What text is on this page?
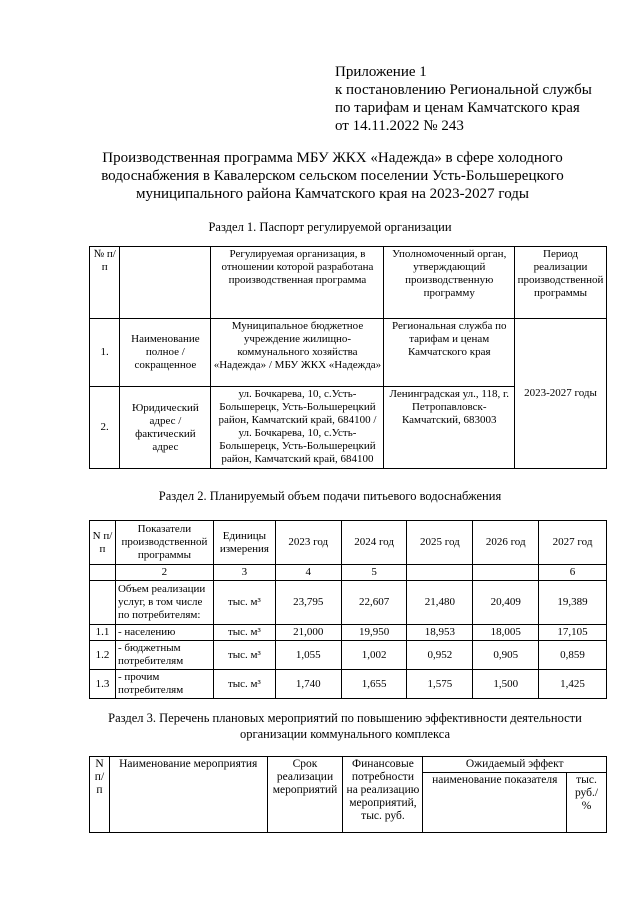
Приложение 1
к постановлению Региональной службы
по тарифам и ценам Камчатского края
от 14.11.2022 № 243
Производственная программа МБУ ЖКХ «Надежда» в сфере холодного водоснабжения в Кавалерском сельском поселении Усть-Большерецкого муниципального района Камчатского края на 2023-2027 годы
Раздел 1. Паспорт регулируемой организации
№ п/п		Регулируемая организация, в отношении которой разработана производственная программа	Уполномоченный орган, утверждающий производственную программу	Период реализации производственной программы
1.	Наименование полное / сокращенное	Муниципальное бюджетное учреждение жилищно-коммунального хозяйства «Надежда» / МБУ ЖКХ «Надежда»	Региональная служба по тарифам и ценам Камчатского края	2023-2027 годы
2.	Юридический адрес / фактический адрес	ул. Бочкарева, 10, с.Усть-Большерецк, Усть-Большерецкий район, Камчатский край, 684100 / ул. Бочкарева, 10, с.Усть-Большерецк, Усть-Большерецкий район, Камчатский край, 684100	Ленинградская ул., 118, г. Петропавловск-Камчатский, 683003	
Раздел 2. Планируемый объем подачи питьевого водоснабжения
N п/п	Показатели производственной программы	Единицы измерения	2023 год	2024 год	2025 год	2026 год	2027 год
	2	3	4	5			6
	Объем реализации услуг, в том числе по потребителям:	тыс. м³	23,795	22,607	21,480	20,409	19,389
1.1	- населению	тыс. м³	21,000	19,950	18,953	18,005	17,105
1.2	- бюджетным потребителям	тыс. м³	1,055	1,002	0,952	0,905	0,859
1.3	- прочим потребителям	тыс. м³	1,740	1,655	1,575	1,500	1,425
Раздел 3. Перечень плановых мероприятий по повышению эффективности деятельности организации коммунального комплекса
N п/ п	Наименование мероприятия	Срок реализации мероприятий	Финансовые потребности на реализацию мероприятий, тыс. руб.	Ожидаемый эффект	
				наименование показателя	тыс. руб./ %
